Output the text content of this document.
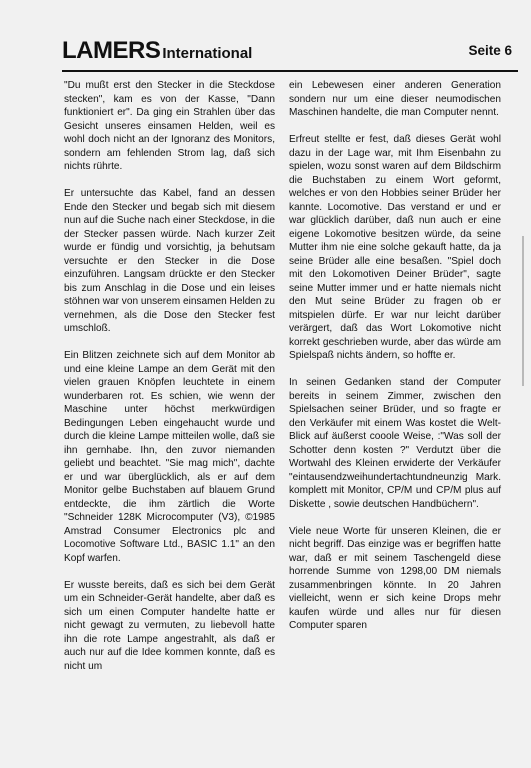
LAMERS International	Seite 6

"Du mußt erst den Stecker in die Steckdose stecken", kam es von der Kasse, "Dann funktioniert er". Da ging ein Strahlen über das Gesicht unseres einsamen Helden, weil es wohl doch nicht an der Ignoranz des Monitors, sondern am fehlenden Strom lag, daß sich nichts rührte.

Er untersuchte das Kabel, fand an dessen Ende den Stecker und begab sich mit diesem nun auf die Suche nach einer Steckdose, in die der Stecker passen würde. Nach kurzer Zeit wurde er fündig und vorsichtig, ja behutsam versuchte er den Stecker in die Dose einzuführen. Langsam drückte er den Stecker bis zum Anschlag in die Dose und ein leises stöhnen war von unserem einsamen Helden zu vernehmen, als die Dose den Stecker fest umschloß.

Ein Blitzen zeichnete sich auf dem Monitor ab und eine kleine Lampe an dem Gerät mit den vielen grauen Knöpfen leuchtete in einem wunderbaren rot. Es schien, wie wenn der Maschine unter höchst merkwürdigen Bedingungen Leben eingehaucht wurde und durch die kleine Lampe mitteilen wolle, daß sie ihn gernhabe. Ihn, den zuvor niemanden geliebt und beachtet. "Sie mag mich", dachte er und war überglücklich, als er auf dem Monitor gelbe Buchstaben auf blauem Grund entdeckte, die ihm zärtlich die Worte "Schneider 128K Microcomputer (V3), ©1985 Amstrad Consumer Electronics plc and Locomotive Software Ltd., BASIC 1.1" an den Kopf warfen.

Er wusste bereits, daß es sich bei dem Gerät um ein Schneider-Gerät handelte, aber daß es sich um einen Computer handelte hatte er nicht gewagt zu vermuten, zu liebevoll hatte ihn die rote Lampe angestrahlt, als daß er auch nur auf die Idee kommen konnte, daß es nicht um

ein Lebewesen einer anderen Generation sondern nur um eine dieser neumodischen Maschinen handelte, die man Computer nennt.

Erfreut stellte er fest, daß dieses Gerät wohl dazu in der Lage war, mit Ihm Eisenbahn zu spielen, wozu sonst waren auf dem Bildschirm die Buchstaben zu einem Wort geformt, welches er von den Hobbies seiner Brüder her kannte. Locomotive. Das verstand er und er war glücklich darüber, daß nun auch er eine eigene Lokomotive besitzen würde, da seine Mutter ihm nie eine solche gekauft hatte, da ja seine Brüder alle eine besaßen. "Spiel doch mit den Lokomotiven Deiner Brüder", sagte seine Mutter immer und er hatte niemals nicht den Mut seine Brüder zu fragen ob er mitspielen dürfe. Er war nur leicht darüber verärgert, daß das Wort Lokomotive nicht korrekt geschrieben wurde, aber das würde am Spielspaß nichts ändern, so hoffte er.

In seinen Gedanken stand der Computer bereits in seinem Zimmer, zwischen den Spielsachen seiner Brüder, und so fragte er den Verkäufer mit einem Was kostet die Welt-Blick auf äußerst cooole Weise, :"Was soll der Schotter denn kosten ?" Verdutzt über die Wortwahl des Kleinen erwiderte der Verkäufer "eintausendzweihundertachtundneunzig Mark. komplett mit Monitor, CP/M und CP/M plus auf Diskette , sowie deutschen Handbüchern".

Viele neue Worte für unseren Kleinen, die er nicht begriff. Das einzige was er begriffen hatte war, daß er mit seinem Taschengeld diese horrende Summe von 1298,00 DM niemals zusammenbringen könnte. In 20 Jahren vielleicht, wenn er sich keine Drops mehr kaufen würde und alles nur für diesen Computer sparen
